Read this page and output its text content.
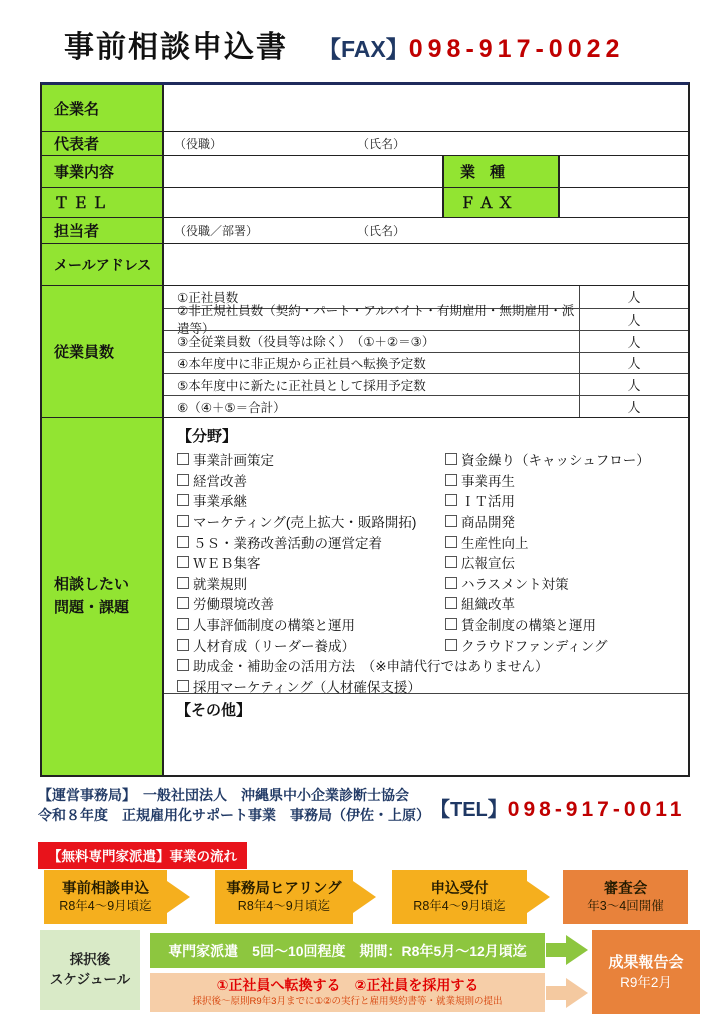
事前相談申込書 【FAX】098-917-0022
企業名
代表者	（役職）	（氏名）
事業内容	業　種
ＴＥＬ	ＦＡＸ
担当者	（役職／部署）	（氏名）
メールアドレス
従業員数
①正社員数	人
②非正規社員数（契約・パート・アルバイト・有期雇用・無期雇用・派遣等）
人
③全従業員数（役員等は除く）　（①＋②＝③）	人
④本年度中に非正規から正社員へ転換予定数	人
⑤本年度中に新たに正社員として採用予定数	人
⑥（④＋⑤＝合計）	人
相談したい
問題・課題
【分野】
事業計画策定
経営改善
事業承継
マーケティング(売上拡大・販路開拓)
５Ｓ・業務改善活動の運営定着
ＷＥＢ集客
就業規則
労働環境改善
人事評価制度の構築と運用
人材育成（リーダー養成）
資金繰り（キャッシュフロー）
事業再生
ＩＴ活用
商品開発
生産性向上
広報宣伝
ハラスメント対策
組織改革
賃金制度の構築と運用
クラウドファンディング
助成金・補助金の活用方法　（※申請代行ではありません）
採用マーケティング（人材確保支援）
【その他】
【運営事務局】　一般社団法人　沖縄県中小企業診断士協会
令和８年度　正規雇用化サポート事業　事務局（伊佐・上原） 【TEL】 098-917-0011
【無料専門家派遣】事業の流れ
事前相談申込
R8年4～9月頃迄
事務局ヒアリング
R8年4～9月頃迄
申込受付
R8年4～9月頃迄
審査会
年3～4回開催
採択後
スケジュール
専門家派遣　5回～10回程度　期間：R8年5月～12月頃迄
①正社員へ転換する　②正社員を採用する
採択後～原則R9年3月までに①②の実行と雇用契約書等・就業規則の提出
成果報告会
R9年2月
